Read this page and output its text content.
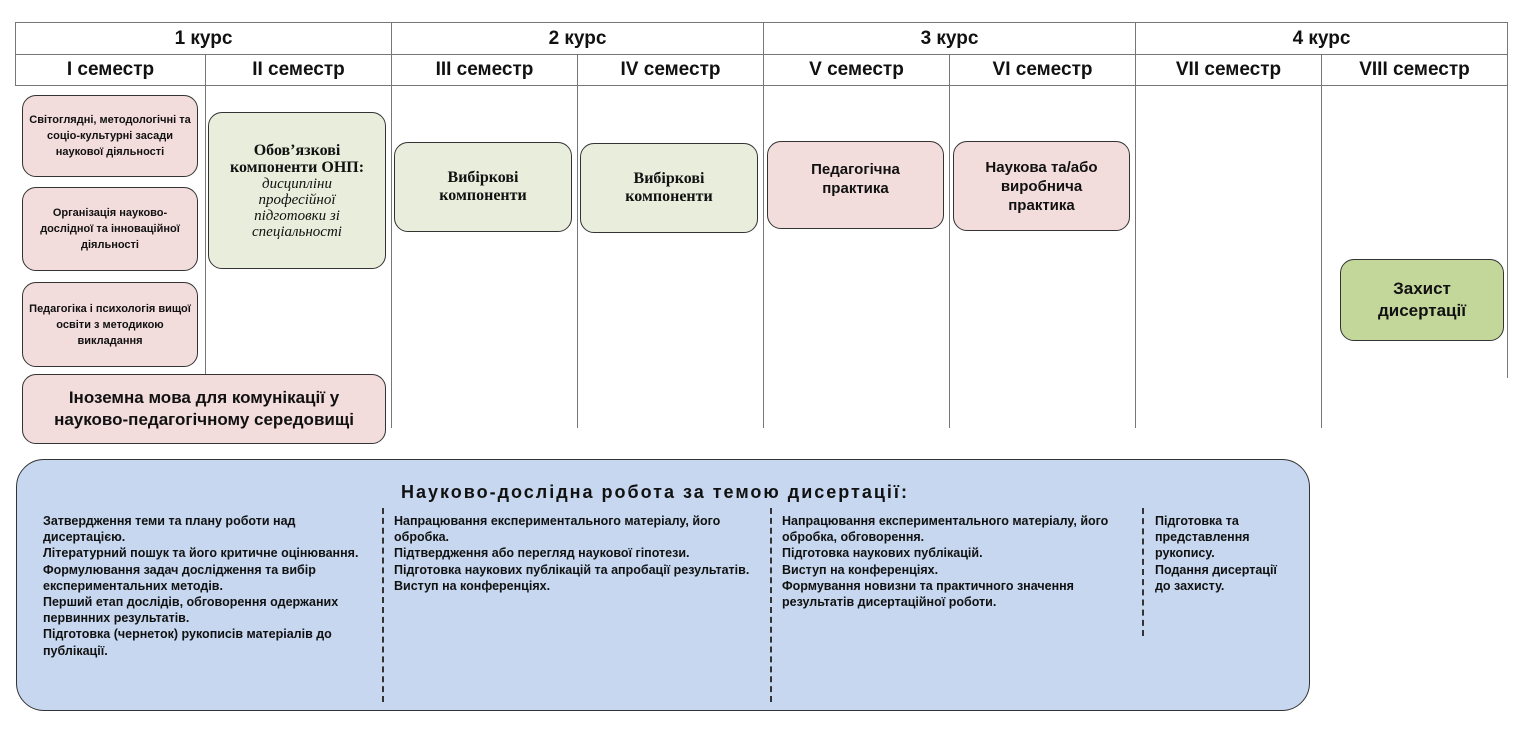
1 курс	2 курс	3 курс	4 курс
I семестр	II семестр	III семестр	IV семестр	V семестр	VI семестр	VII семестр	VIII семестр
Світоглядні, методологічні та соціо-культурні засади наукової діяльності
Організація науково-дослідної та інноваційної діяльності
Педагогіка і психологія вищої освіти з методикою викладання
Обов’язкові компоненти ОНП:
дисципліни професійної підготовки зі спеціальності
Вибіркові компоненти
Вибіркові компоненти
Педагогічна практика
Наукова та/або виробнича практика
Захист дисертації
Іноземна мова для комунікації у науково-педагогічному середовищі
Науково-дослідна робота за темою дисертації:
Затвердження теми та плану роботи над дисертацією.
Літературний пошук та його критичне оцінювання.
Формулювання задач дослідження та вибір експериментальних методів.
Перший етап дослідів, обговорення одержаних первинних результатів.
Підготовка (чернеток) рукописів матеріалів до публікації.
Напрацювання експериментального матеріалу, його обробка.
Підтвердження або перегляд наукової гіпотези.
Підготовка наукових публікацій та апробації результатів.
Виступ на конференціях.
Напрацювання експериментального матеріалу, його обробка, обговорення.
Підготовка наукових публікацій.
Виступ на конференціях.
Формування новизни та практичного значення результатів дисертаційної роботи.
Підготовка та представлення рукопису.
Подання дисертації до захисту.
